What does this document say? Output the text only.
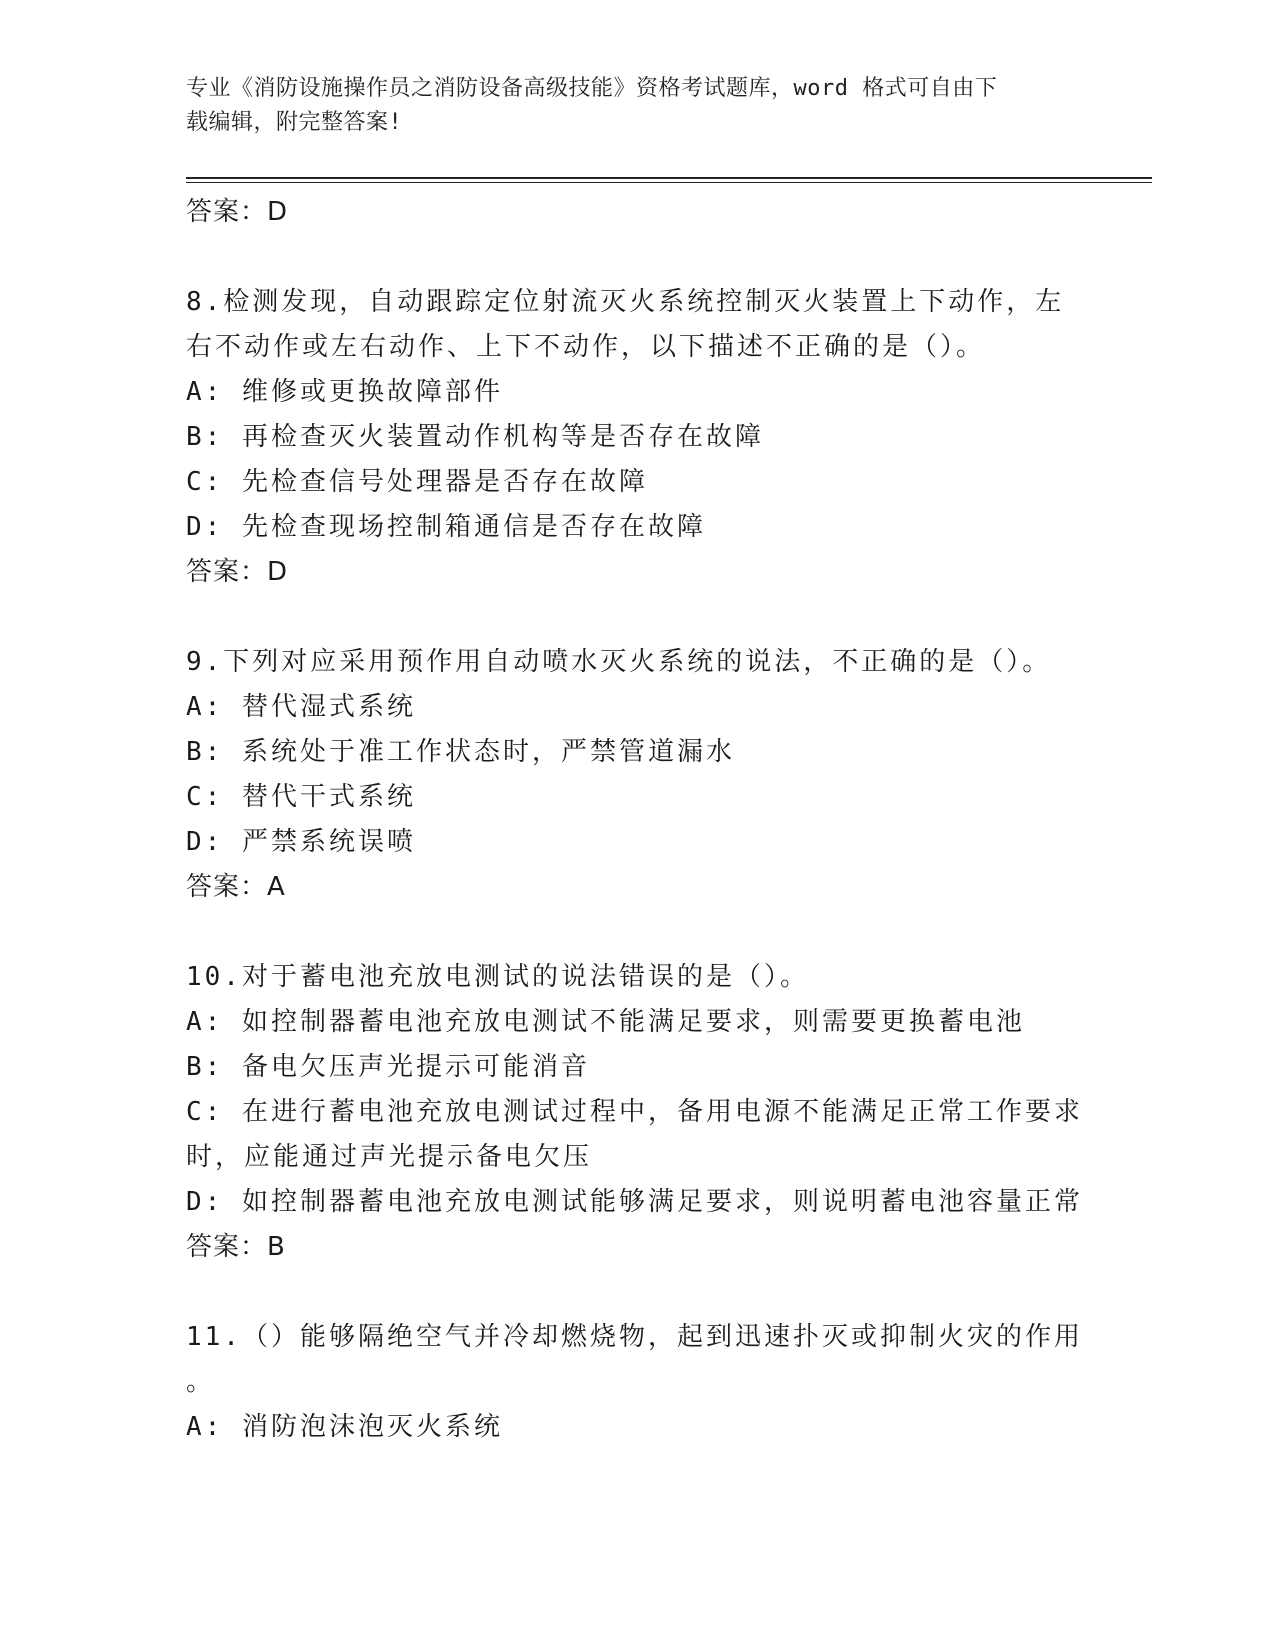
专业《消防设施操作员之消防设备高级技能》资格考试题库，word 格式可自由下
载编辑，附完整答案!
答案：D
8.检测发现，自动跟踪定位射流灭火系统控制灭火装置上下动作，左
右不动作或左右动作、上下不动作，以下描述不正确的是（）。
A: 维修或更换故障部件
B: 再检查灭火装置动作机构等是否存在故障
C: 先检查信号处理器是否存在故障
D: 先检查现场控制箱通信是否存在故障
答案：D
9.下列对应采用预作用自动喷水灭火系统的说法，不正确的是（）。
A: 替代湿式系统
B: 系统处于准工作状态时，严禁管道漏水
C: 替代干式系统
D: 严禁系统误喷
答案：A
10.对于蓄电池充放电测试的说法错误的是（）。
A: 如控制器蓄电池充放电测试不能满足要求，则需要更换蓄电池
B: 备电欠压声光提示可能消音
C: 在进行蓄电池充放电测试过程中，备用电源不能满足正常工作要求
时，应能通过声光提示备电欠压
D: 如控制器蓄电池充放电测试能够满足要求，则说明蓄电池容量正常
答案：B
11.（）能够隔绝空气并冷却燃烧物，起到迅速扑灭或抑制火灾的作用
。
A: 消防泡沫泡灭火系统
